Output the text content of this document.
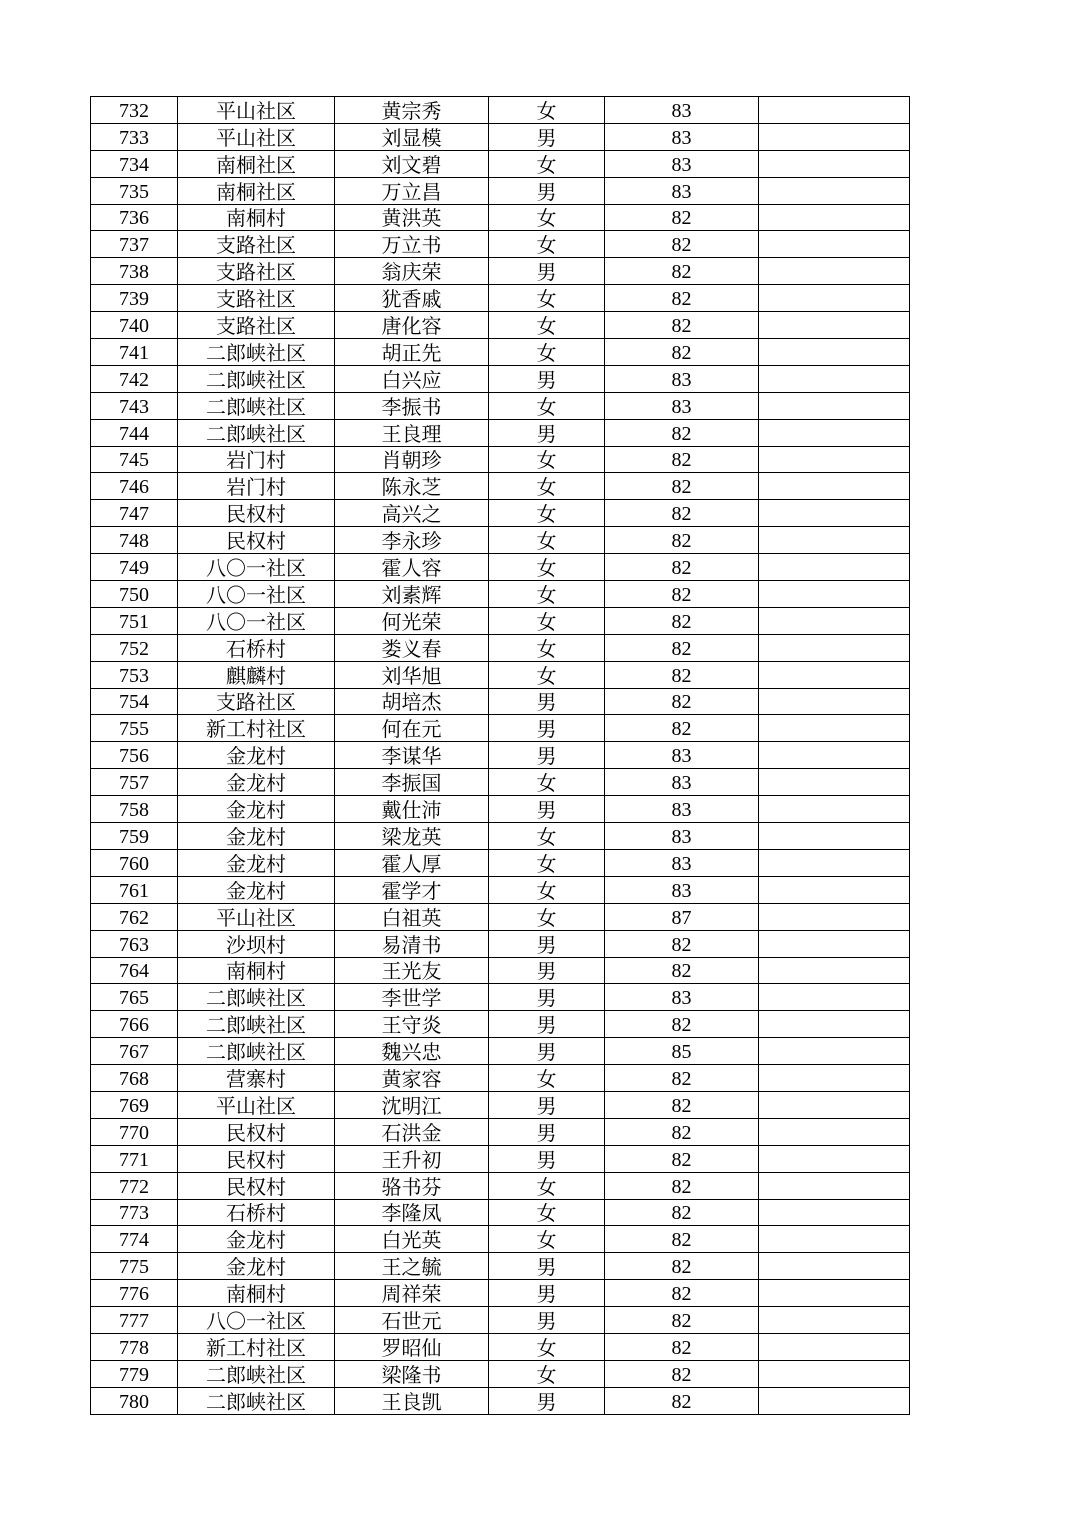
732	平山社区	黄宗秀	女	83	
733	平山社区	刘显模	男	83	
734	南桐社区	刘文碧	女	83	
735	南桐社区	万立昌	男	83	
736	南桐村	黄洪英	女	82	
737	支路社区	万立书	女	82	
738	支路社区	翁庆荣	男	82	
739	支路社区	犹香戚	女	82	
740	支路社区	唐化容	女	82	
741	二郎峡社区	胡正先	女	82	
742	二郎峡社区	白兴应	男	83	
743	二郎峡社区	李振书	女	83	
744	二郎峡社区	王良理	男	82	
745	岩门村	肖朝珍	女	82	
746	岩门村	陈永芝	女	82	
747	民权村	高兴之	女	82	
748	民权村	李永珍	女	82	
749	八〇一社区	霍人容	女	82	
750	八〇一社区	刘素辉	女	82	
751	八〇一社区	何光荣	女	82	
752	石桥村	娄义春	女	82	
753	麒麟村	刘华旭	女	82	
754	支路社区	胡培杰	男	82	
755	新工村社区	何在元	男	82	
756	金龙村	李谋华	男	83	
757	金龙村	李振国	女	83	
758	金龙村	戴仕沛	男	83	
759	金龙村	梁龙英	女	83	
760	金龙村	霍人厚	女	83	
761	金龙村	霍学才	女	83	
762	平山社区	白祖英	女	87	
763	沙坝村	易清书	男	82	
764	南桐村	王光友	男	82	
765	二郎峡社区	李世学	男	83	
766	二郎峡社区	王守炎	男	82	
767	二郎峡社区	魏兴忠	男	85	
768	营寨村	黄家容	女	82	
769	平山社区	沈明江	男	82	
770	民权村	石洪金	男	82	
771	民权村	王升初	男	82	
772	民权村	骆书芬	女	82	
773	石桥村	李隆凤	女	82	
774	金龙村	白光英	女	82	
775	金龙村	王之毓	男	82	
776	南桐村	周祥荣	男	82	
777	八〇一社区	石世元	男	82	
778	新工村社区	罗昭仙	女	82	
779	二郎峡社区	梁隆书	女	82	
780	二郎峡社区	王良凯	男	82	
